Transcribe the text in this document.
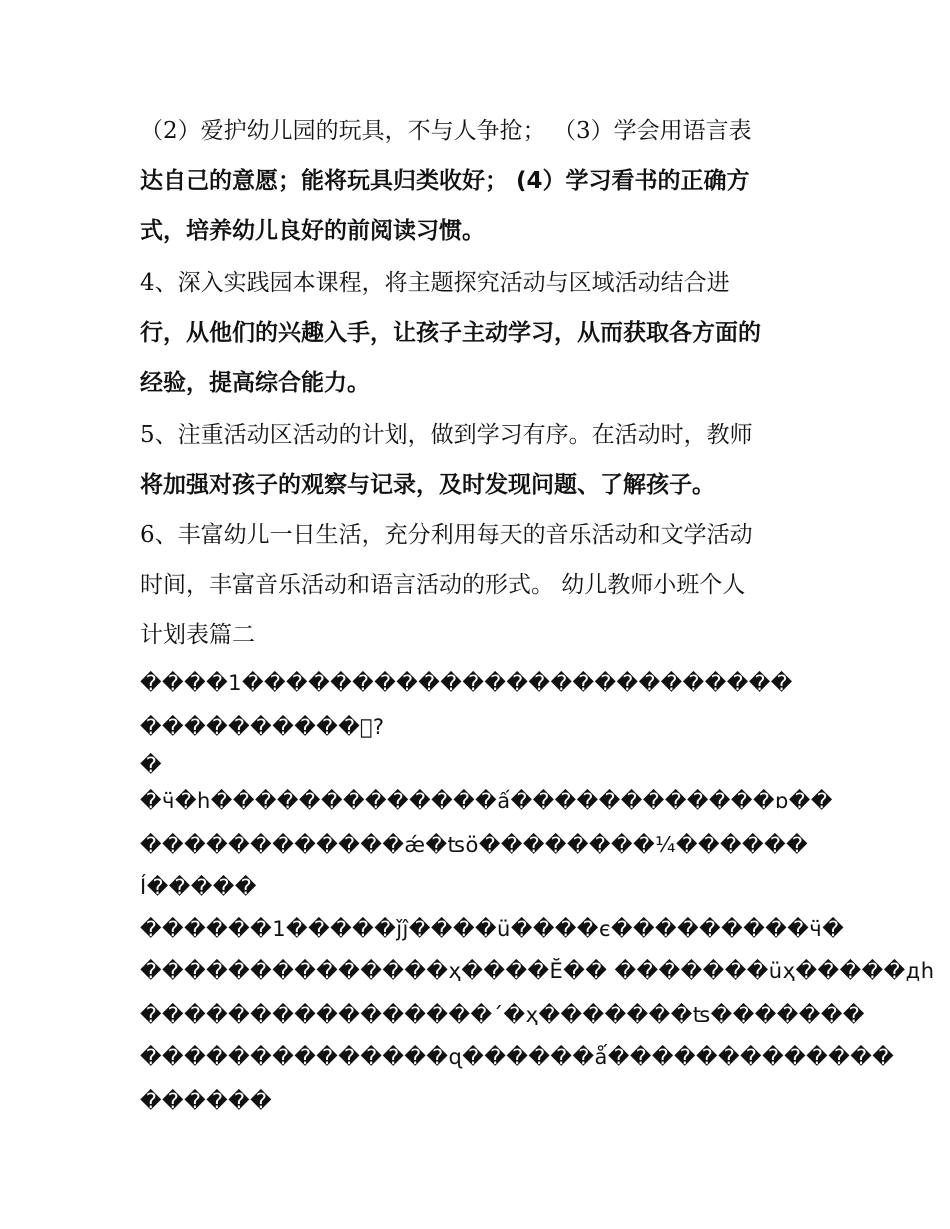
（2）爱护幼儿园的玩具，不与人争抢； （3）学会用语言表
达自己的意愿；能将玩具归类收好； (4）学习看书的正确方
式，培养幼儿良好的前阅读习惯。
4、深入实践园本课程，将主题探究活动与区域活动结合进
行，从他们的兴趣入手，让孩子主动学习，从而获取各方面的
经验，提高综合能力。
5、注重活动区活动的计划，做到学习有序。在活动时，教师
将加强对孩子的观察与记录，及时发现问题、了解孩子。
6、丰富幼儿一日生活，充分利用每天的音乐活动和文学活动
时间，丰富音乐活动和语言活动的形式。 幼儿教师小班个人
计划表篇二
����1�������������������������
����������ఄ?
�
�ӵ�h�������������ấ������������ɒ��
������������ǽ�ʦö��������¼������
Í�����
������1�����ǰĵ����ü����є���������ӵ�
��������������ҳ����Ӗ�� �������üҳ�����дh
����������������ˊ�ҳ�������ʦ�������
��������������ɋ������ǻ�������������
������
